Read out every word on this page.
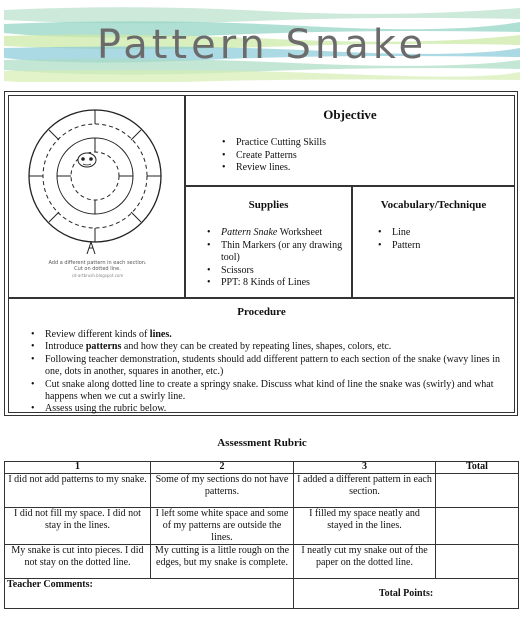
Pattern Snake
Add a different pattern in each section.
Cut on dotted line.
cd-artbrush.blogspot.com
Objective
• Practice Cutting Skills
• Create Patterns
• Review lines.
Supplies
• Pattern Snake Worksheet
• Thin Markers (or any drawing tool)
• Scissors
• PPT: 8 Kinds of Lines
Vocabulary/Technique
• Line
• Pattern
Procedure
• Review different kinds of lines.
• Introduce patterns and how they can be created by repeating lines, shapes, colors, etc.
• Following teacher demonstration, students should add different pattern to each section of the snake (wavy lines in one, dots in another, squares in another, etc.)
• Cut snake along dotted line to create a springy snake. Discuss what kind of line the snake was (swirly) and what happens when we cut a swirly line.
• Assess using the rubric below.
Assessment Rubric
1	2	3	Total
I did not add patterns to my snake.	Some of my sections do not have patterns.	I added a different pattern in each section.	
I did not fill my space. I did not stay in the lines.	I left some white space and some of my patterns are outside the lines.	I filled my space neatly and stayed in the lines.	
My snake is cut into pieces. I did not stay on the dotted line.	My cutting is a little rough on the edges, but my snake is complete.	I neatly cut my snake out of the paper on the dotted line.	
Teacher Comments:		Total Points:	
